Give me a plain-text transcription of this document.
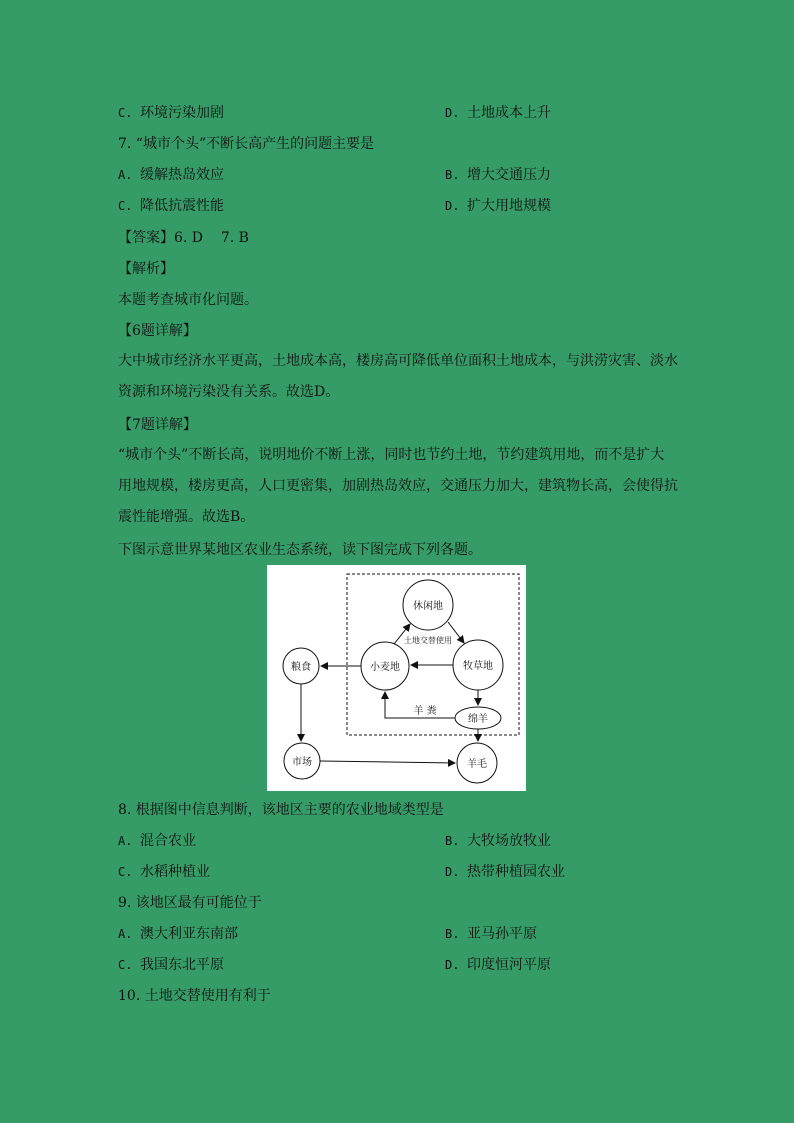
C. 环境污染加剧	D. 土地成本上升
7. “城市个头”不断长高产生的问题主要是
A. 缓解热岛效应	B. 增大交通压力
C. 降低抗震性能	D. 扩大用地规模
【答案】6. D    7. B
【解析】
本题考查城市化问题。
【6题详解】

大中城市经济水平更高，土地成本高，楼房高可降低单位面积土地成本，与洪涝灾害、淡水资源和环境污染没有关系。故选D。

【7题详解】

“城市个头”不断长高，说明地价不断上涨，同时也节约土地，节约建筑用地，而不是扩大用地规模，楼房更高，人口更密集，加剧热岛效应，交通压力加大，建筑物长高，会使得抗震性能增强。故选B。

下图示意世界某地区农业生态系统，读下图完成下列各题。
休闲地
小麦地	牧草地
绵羊
粮食
市场	羊毛
土地交替使用
羊 粪
8. 根据图中信息判断，该地区主要的农业地域类型是
A. 混合农业	B. 大牧场放牧业
C. 水稻种植业	D. 热带种植园农业
9. 该地区最有可能位于
A. 澳大利亚东南部	B. 亚马孙平原
C. 我国东北平原	D. 印度恒河平原
10. 土地交替使用有利于
